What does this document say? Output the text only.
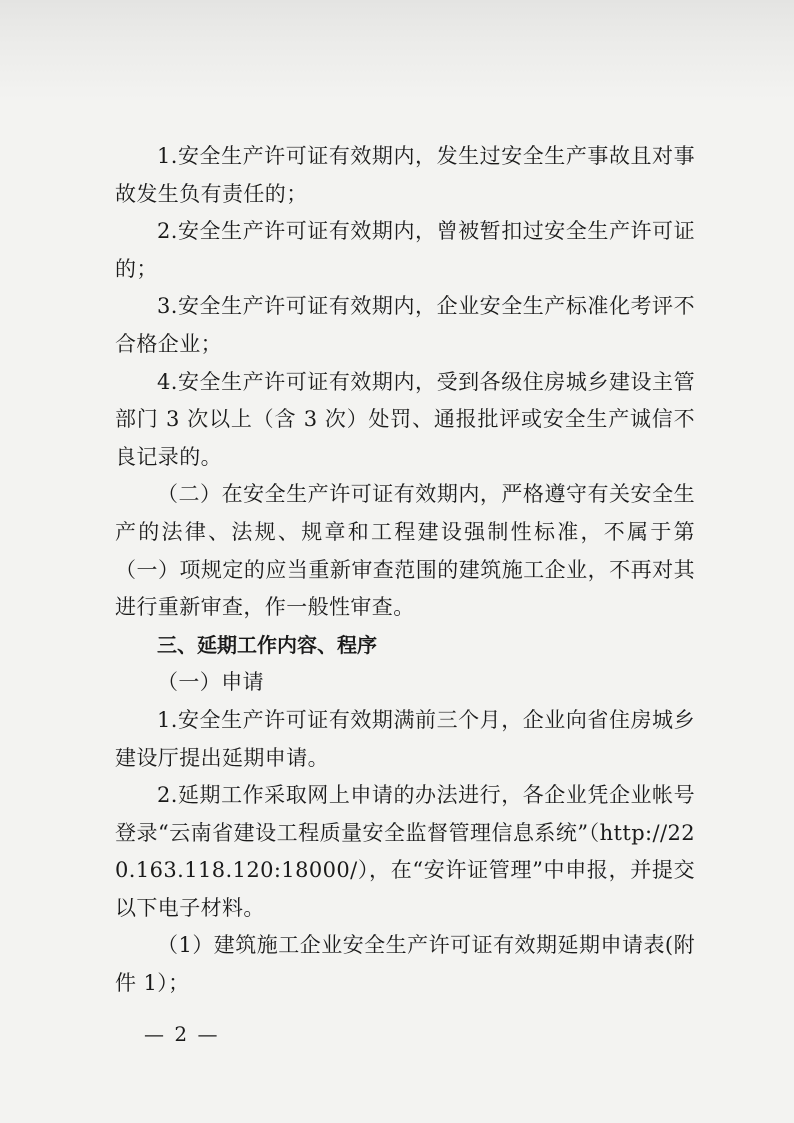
1.安全生产许可证有效期内，发生过安全生产事故且对事故发生负有责任的；

2.安全生产许可证有效期内，曾被暂扣过安全生产许可证的；

3.安全生产许可证有效期内，企业安全生产标准化考评不合格企业；

4.安全生产许可证有效期内，受到各级住房城乡建设主管部门 3 次以上（含 3 次）处罚、通报批评或安全生产诚信不良记录的。

（二）在安全生产许可证有效期内，严格遵守有关安全生产的法律、法规、规章和工程建设强制性标准，不属于第（一）项规定的应当重新审查范围的建筑施工企业，不再对其进行重新审查，作一般性审查。

三、延期工作内容、程序

（一）申请

1.安全生产许可证有效期满前三个月，企业向省住房城乡建设厅提出延期申请。

2.延期工作采取网上申请的办法进行，各企业凭企业帐号登录“云南省建设工程质量安全监督管理信息系统”（http://220.163.118.120:18000/），在“安许证管理”中申报，并提交以下电子材料。

（1）建筑施工企业安全生产许可证有效期延期申请表(附件 1）；

— 2 —
